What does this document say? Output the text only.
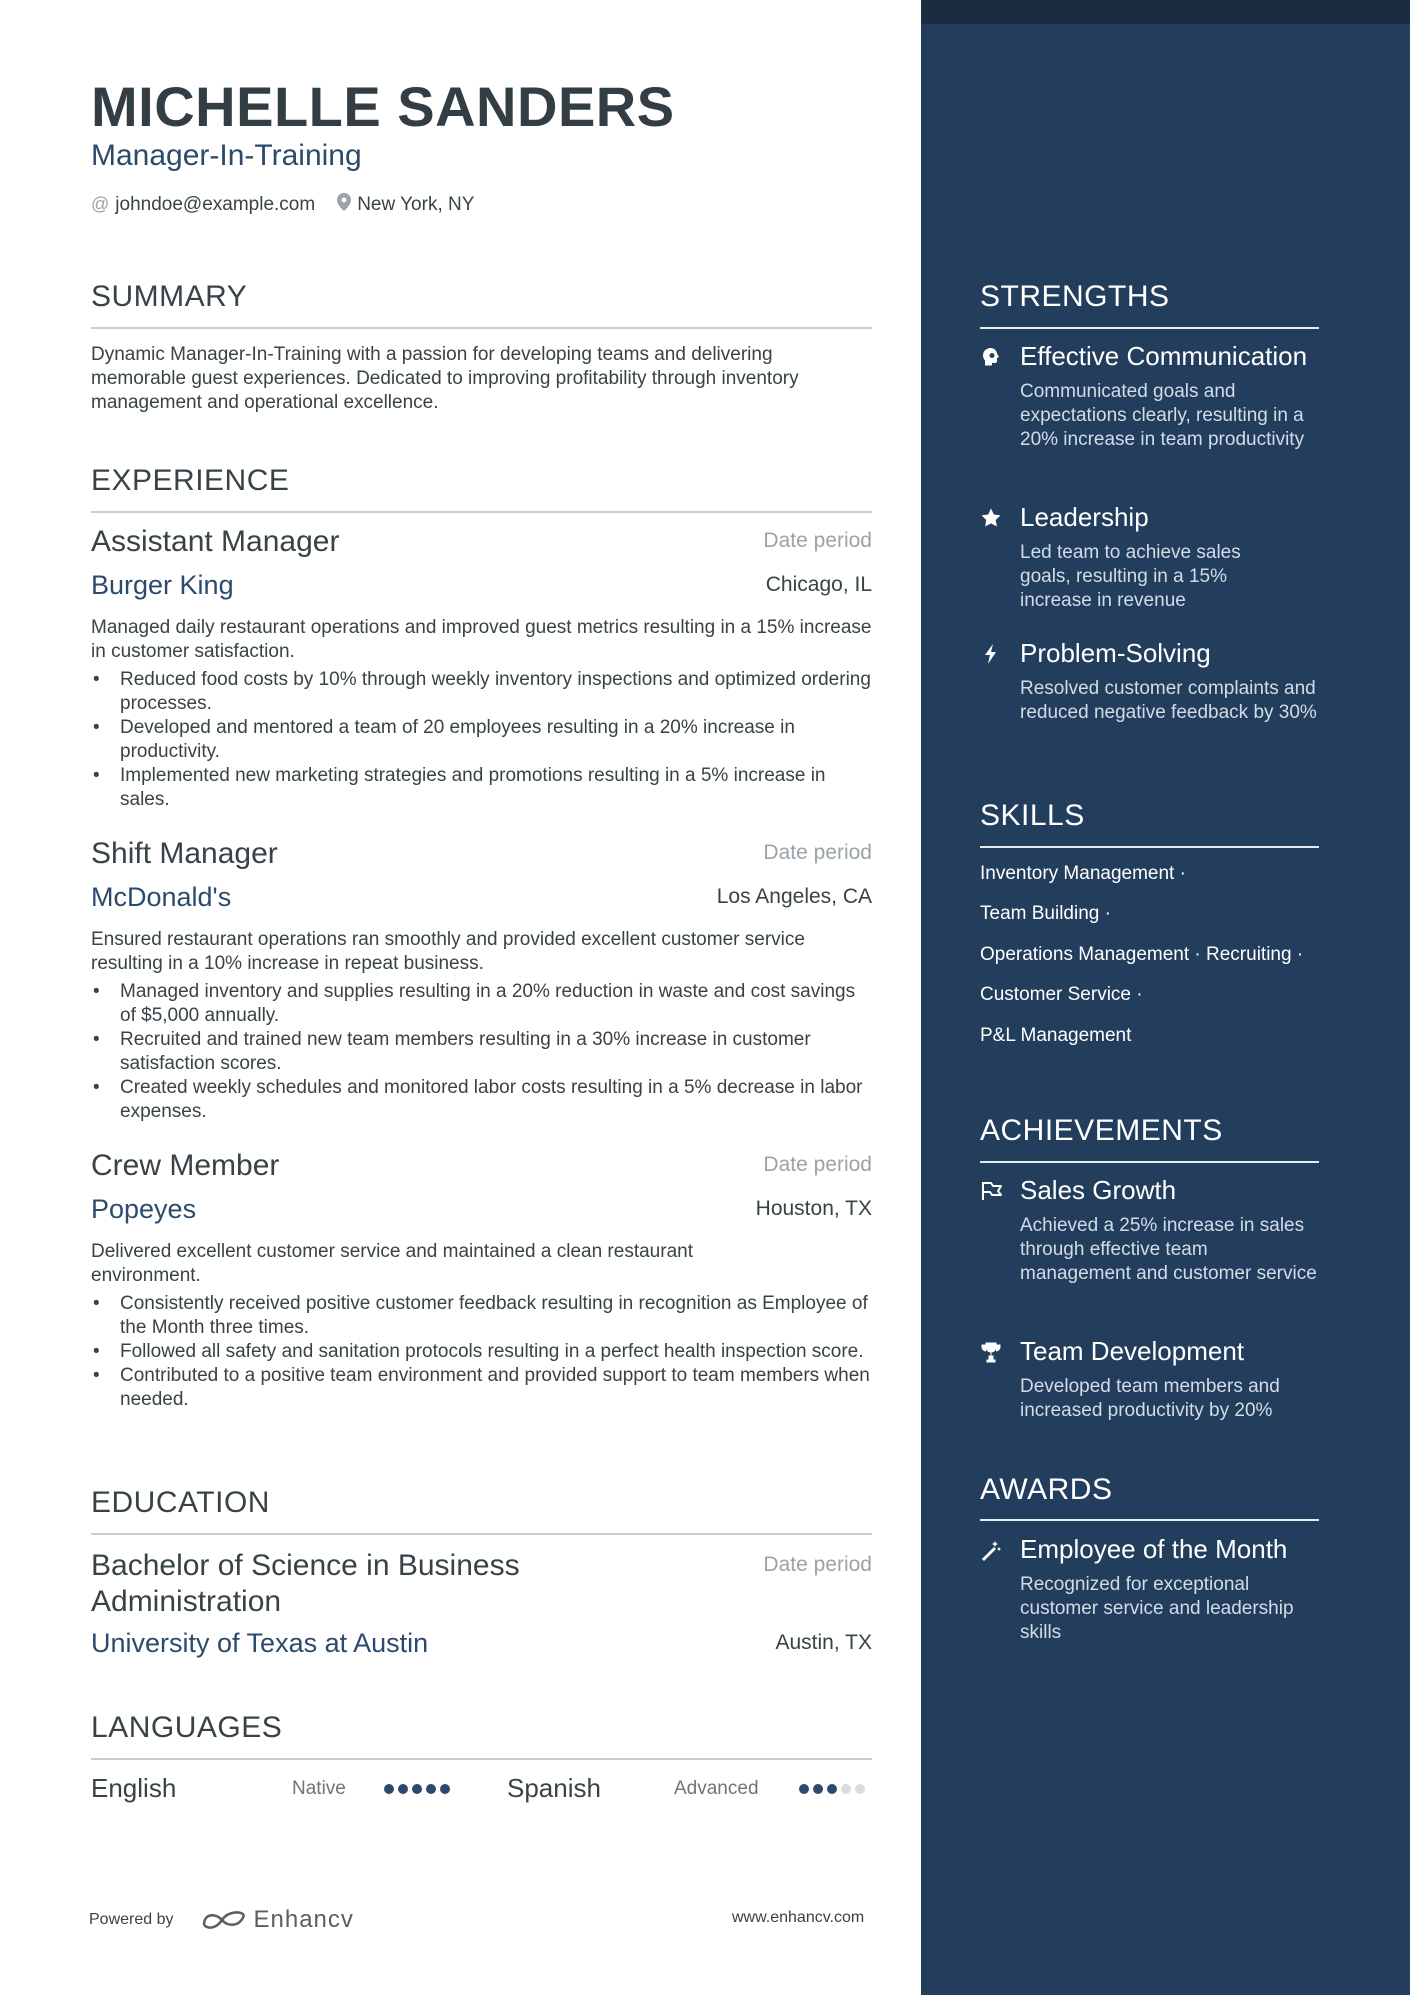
MICHELLE SANDERS
Manager-In-Training
@ johndoe@example.com New York, NY
SUMMARY
Dynamic Manager-In-Training with a passion for developing teams and delivering memorable guest experiences. Dedicated to improving profitability through inventory management and operational excellence.
EXPERIENCE
Assistant Manager	Date period
Burger King	Chicago, IL
Managed daily restaurant operations and improved guest metrics resulting in a 15% increase in customer satisfaction.
• Reduced food costs by 10% through weekly inventory inspections and optimized ordering processes.
• Developed and mentored a team of 20 employees resulting in a 20% increase in productivity.
• Implemented new marketing strategies and promotions resulting in a 5% increase in sales.
Shift Manager	Date period
McDonald's	Los Angeles, CA
Ensured restaurant operations ran smoothly and provided excellent customer service resulting in a 10% increase in repeat business.
• Managed inventory and supplies resulting in a 20% reduction in waste and cost savings of $5,000 annually.
• Recruited and trained new team members resulting in a 30% increase in customer satisfaction scores.
• Created weekly schedules and monitored labor costs resulting in a 5% decrease in labor expenses.
Crew Member	Date period
Popeyes	Houston, TX
Delivered excellent customer service and maintained a clean restaurant environment.
• Consistently received positive customer feedback resulting in recognition as Employee of the Month three times.
• Followed all safety and sanitation protocols resulting in a perfect health inspection score.
• Contributed to a positive team environment and provided support to team members when needed.
EDUCATION
Bachelor of Science in Business Administration
Date period
University of Texas at Austin	Austin, TX
LANGUAGES
English	Native	Spanish	Advanced
Powered by	Enhancv	www.enhancv.com
STRENGTHS
Effective Communication
Communicated goals and expectations clearly, resulting in a 20% increase in team productivity
Leadership
Led team to achieve sales goals, resulting in a 15% increase in revenue
Problem-Solving
Resolved customer complaints and reduced negative feedback by 30%
SKILLS
Inventory Management ·
Team Building ·
Operations Management · Recruiting ·
Customer Service ·
P&L Management
ACHIEVEMENTS
Sales Growth
Achieved a 25% increase in sales through effective team management and customer service
Team Development
Developed team members and increased productivity by 20%
AWARDS
Employee of the Month
Recognized for exceptional customer service and leadership skills
